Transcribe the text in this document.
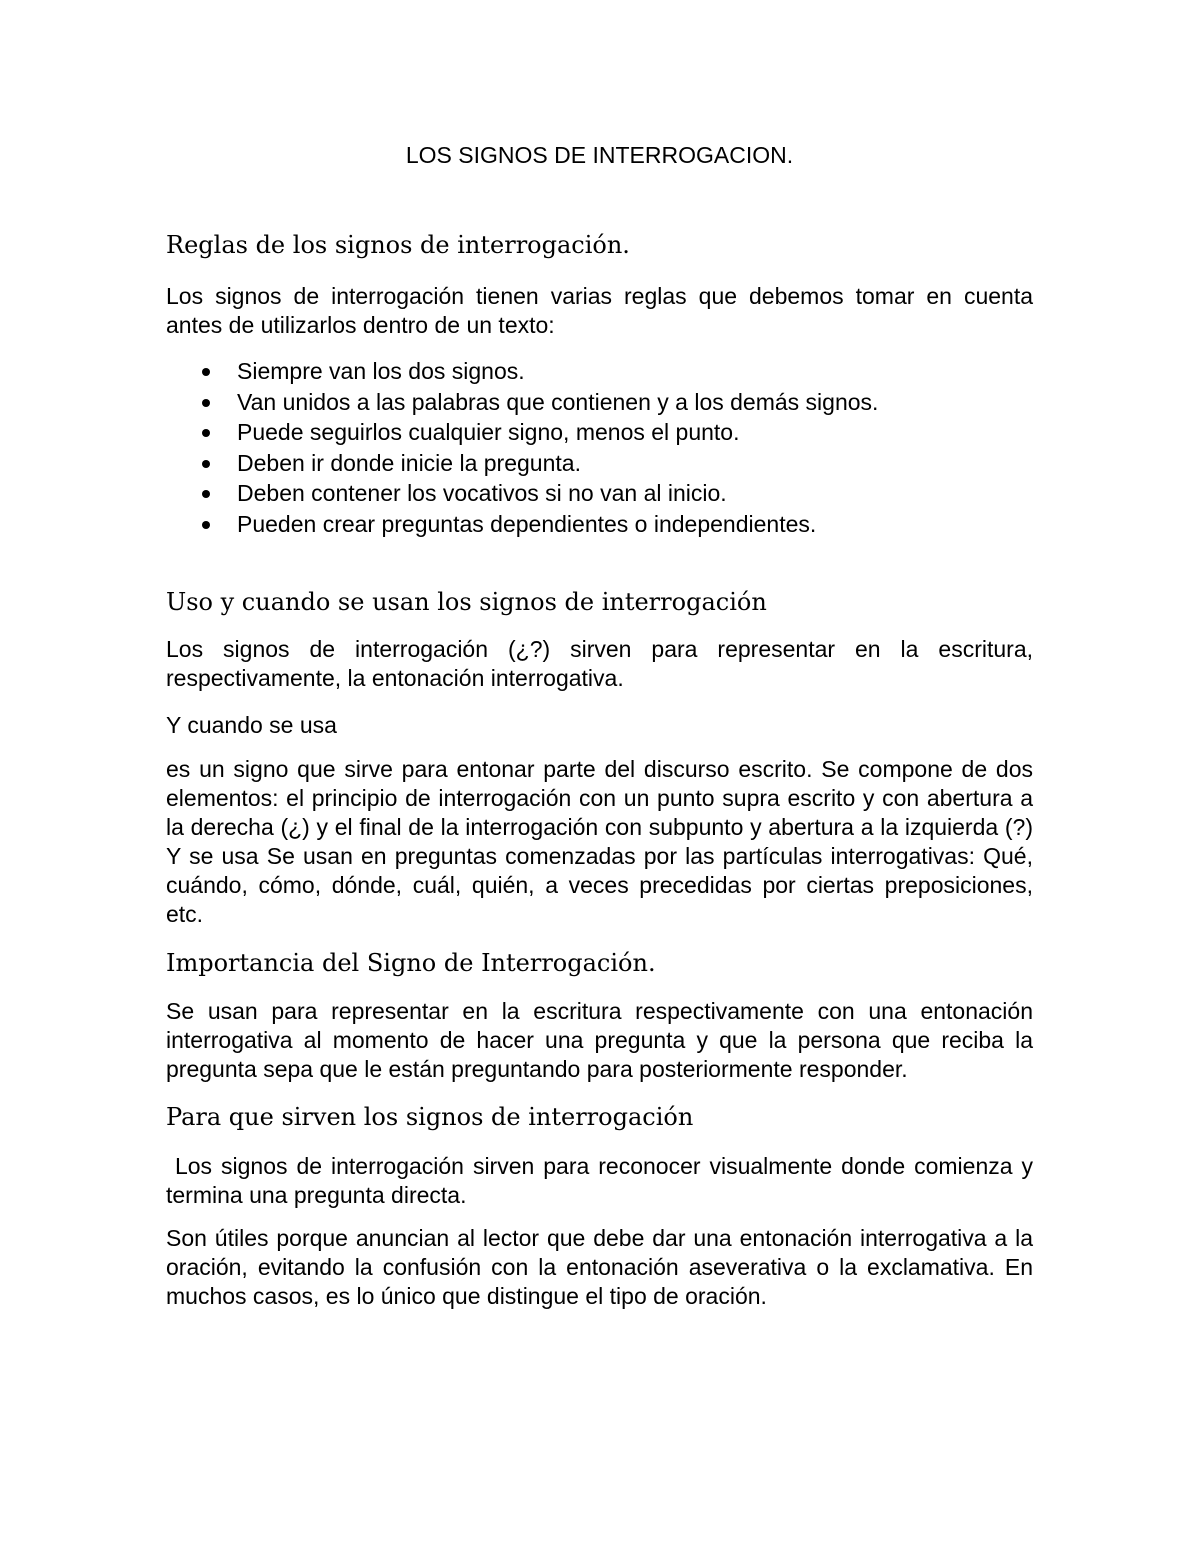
LOS SIGNOS DE INTERROGACION.
Reglas de los signos de interrogación.

Los signos de interrogación tienen varias reglas que debemos tomar en cuenta antes de utilizarlos dentro de un texto:

Siempre van los dos signos.
Van unidos a las palabras que contienen y a los demás signos.
Puede seguirlos cualquier signo, menos el punto.
Deben ir donde inicie la pregunta.
Deben contener los vocativos si no van al inicio.
Pueden crear preguntas dependientes o independientes.
Uso y cuando se usan los signos de interrogación

Los signos de interrogación (¿?) sirven para representar en la escritura, respectivamente, la entonación interrogativa.

Y cuando se usa

es un signo que sirve para entonar parte del discurso escrito. Se compone de dos elementos: el principio de interrogación con un punto supra escrito y con abertura a la derecha (¿) y el final de la interrogación con subpunto y abertura a la izquierda (?) Y se usa Se usan en preguntas comenzadas por las partículas interrogativas: Qué, cuándo, cómo, dónde, cuál, quién, a veces precedidas por ciertas preposiciones, etc.

Importancia del Signo de Interrogación.

Se usan para representar en la escritura respectivamente con una entonación interrogativa al momento de hacer una pregunta y que la persona que reciba la pregunta sepa que le están preguntando para posteriormente responder.

Para que sirven los signos de interrogación

Los signos de interrogación sirven para reconocer visualmente donde comienza y termina una pregunta directa.

Son útiles porque anuncian al lector que debe dar una entonación interrogativa a la oración, evitando la confusión con la entonación aseverativa o la exclamativa. En muchos casos, es lo único que distingue el tipo de oración.
